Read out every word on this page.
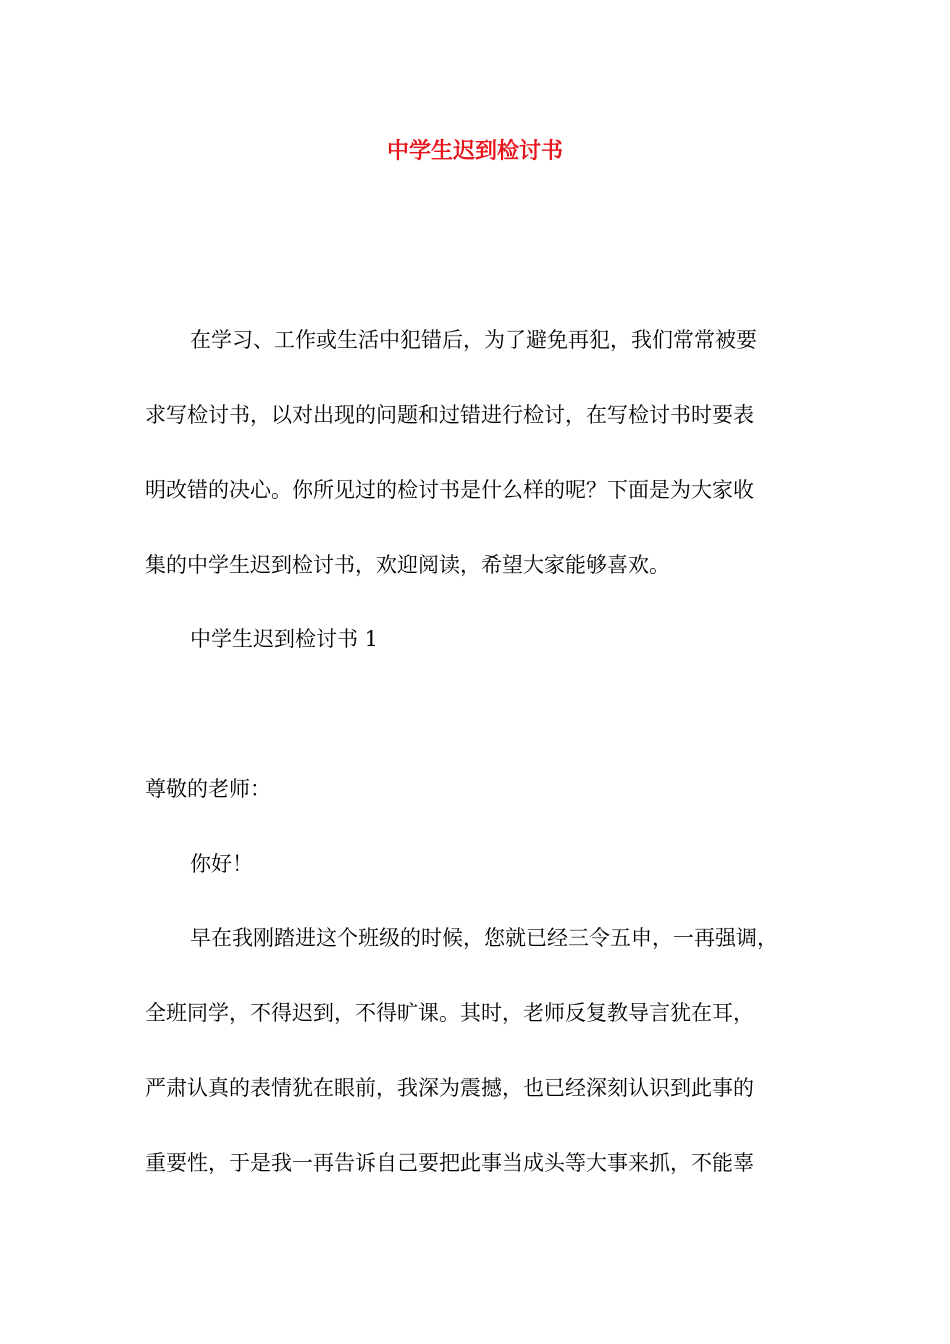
中学生迟到检讨书

在学习、工作或生活中犯错后，为了避免再犯，我们常常被要

求写检讨书，以对出现的问题和过错进行检讨，在写检讨书时要表

明改错的决心。你所见过的检讨书是什么样的呢？下面是为大家收

集的中学生迟到检讨书，欢迎阅读，希望大家能够喜欢。

中学生迟到检讨书 1

尊敬的老师：

你好！

早在我刚踏进这个班级的时候，您就已经三令五申，一再强调，

全班同学，不得迟到，不得旷课。其时，老师反复教导言犹在耳，

严肃认真的表情犹在眼前，我深为震撼，也已经深刻认识到此事的

重要性，于是我一再告诉自己要把此事当成头等大事来抓，不能辜
